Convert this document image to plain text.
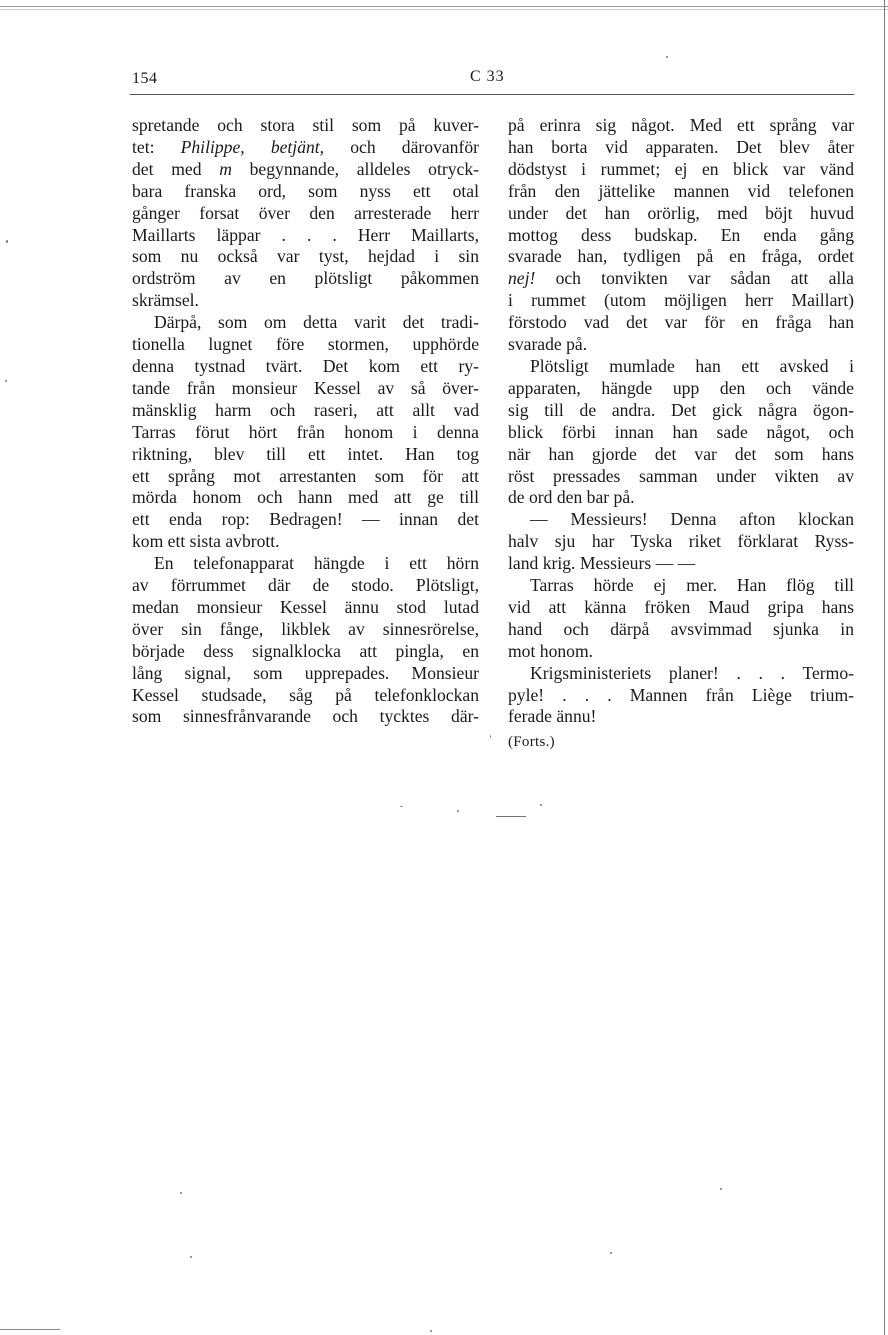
154	C 33
spretande och stora stil som på kuver-
tet: Philippe, betjänt, och därovanför
det med m begynnande, alldeles otryck-
bara franska ord, som nyss ett otal
gånger forsat över den arresterade herr
Maillarts läppar . . . Herr Maillarts,
som nu också var tyst, hejdad i sin
ordström av en plötsligt påkommen
skrämsel.
Därpå, som om detta varit det tradi-
tionella lugnet före stormen, upphörde
denna tystnad tvärt. Det kom ett ry-
tande från monsieur Kessel av så över-
mänsklig harm och raseri, att allt vad
Tarras förut hört från honom i denna
riktning, blev till ett intet. Han tog
ett språng mot arrestanten som för att
mörda honom och hann med att ge till
ett enda rop: Bedragen! — innan det
kom ett sista avbrott.
En telefonapparat hängde i ett hörn
av förrummet där de stodo. Plötsligt,
medan monsieur Kessel ännu stod lutad
över sin fånge, likblek av sinnesrörelse,
började dess signalklocka att pingla, en
lång signal, som upprepades. Monsieur
Kessel studsade, såg på telefonklockan
som sinnesfrånvarande och tycktes där-
på erinra sig något. Med ett språng var
han borta vid apparaten. Det blev åter
dödstyst i rummet; ej en blick var vänd
från den jättelike mannen vid telefonen
under det han orörlig, med böjt huvud
mottog dess budskap. En enda gång
svarade han, tydligen på en fråga, ordet
nej! och tonvikten var sådan att alla
i rummet (utom möjligen herr Maillart)
förstodo vad det var för en fråga han
svarade på.
Plötsligt mumlade han ett avsked i
apparaten, hängde upp den och vände
sig till de andra. Det gick några ögon-
blick förbi innan han sade något, och
när han gjorde det var det som hans
röst pressades samman under vikten av
de ord den bar på.
— Messieurs! Denna afton klockan
halv sju har Tyska riket förklarat Ryss-
land krig. Messieurs — —
Tarras hörde ej mer. Han flög till
vid att känna fröken Maud gripa hans
hand och därpå avsvimmad sjunka in
mot honom.
Krigsministeriets planer! . . . Termo-
pyle! . . . Mannen från Liège trium-
ferade ännu!
(Forts.)
